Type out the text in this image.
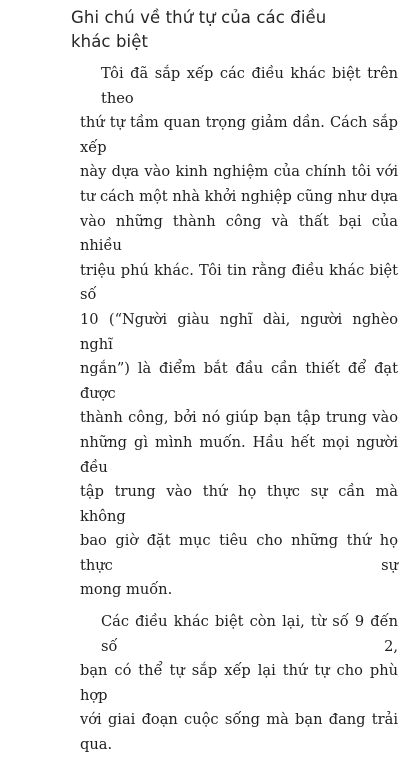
Ghi chú về thứ tự của các điều
khác biệt

Tôi đã sắp xếp các điều khác biệt trên theo
thứ tự tầm quan trọng giảm dần. Cách sắp xếp
này dựa vào kinh nghiệm của chính tôi với
tư cách một nhà khởi nghiệp cũng như dựa
vào những thành công và thất bại của nhiều
triệu phú khác. Tôi tin rằng điều khác biệt số
10 (“Người giàu nghĩ dài, người nghèo nghĩ
ngắn”) là điểm bắt đầu cần thiết để đạt được
thành công, bởi nó giúp bạn tập trung vào
những gì mình muốn. Hầu hết mọi người đều
tập trung vào thứ họ thực sự cần mà không
bao giờ đặt mục tiêu cho những thứ họ thực sự
mong muốn.

Các điều khác biệt còn lại, từ số 9 đến số 2,
bạn có thể tự sắp xếp lại thứ tự cho phù hợp
với giai đoạn cuộc sống mà bạn đang trải qua.
